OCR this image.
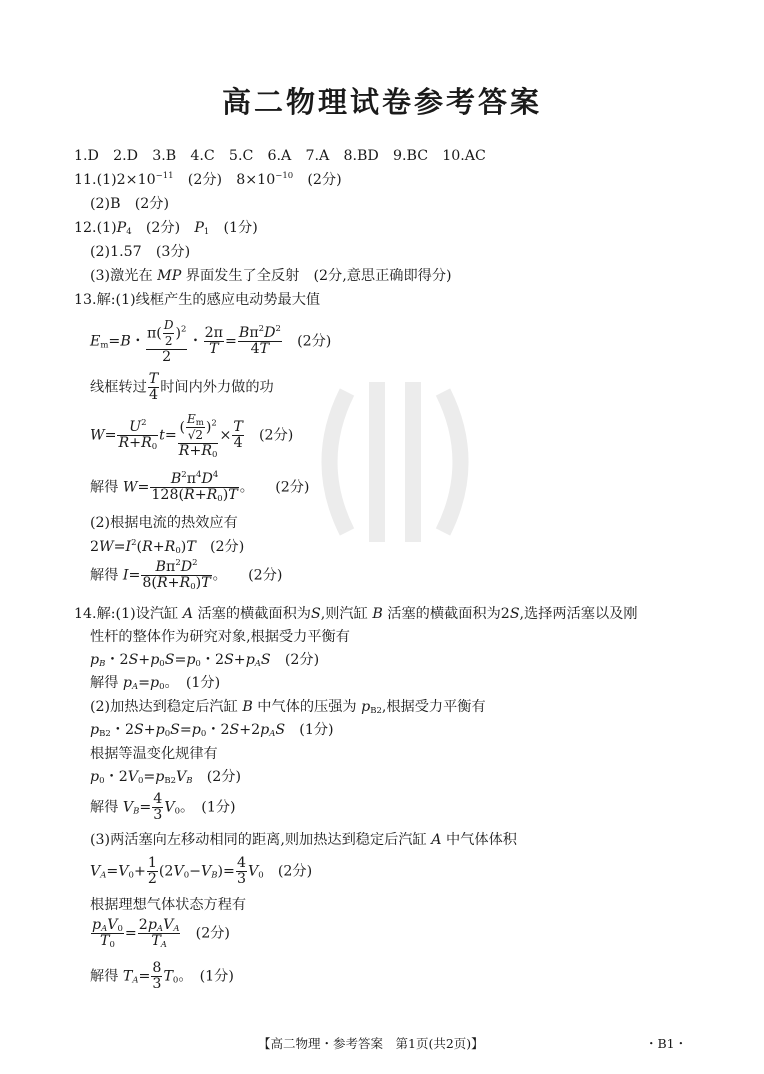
高二物理试卷参考答案
1.D　2.D　3.B　4.C　5.C　6.A　7.A　8.BD　9.BC　10.AC
$11.(1)2\times 10^{-11}$　(2分)　$8\times 10^{-10}$　(2分)
(2)B　(2分)
$12.(1)P_4$　(2分)　$P_1$　(1分)
(2)1.57　(3分)
(3)激光在 MP 界面发生了全反射　(2分,意思正确即得分)
13.解:(1)线框产生的感应电动势最大值
$E_m=B$・ $\frac{\pi( \frac{D}{2} )^2}{2}$ ・ $\frac{2\pi}{T} = \frac{B\pi^2D^2}{4T}$
　 (2分)
线框转过 $\frac{T}{4}$ 时间内外力做的功
$W= \frac{U^2}{R+R_0} t= \frac{( \frac{E_m}{√2} )^2}{R+R_0} \times \frac{T}{4}$
　 (2分)
解得 $W= \frac{B^2\pi^4D^4}{128(R+R_0)T}$ 。　　(2分)
(2)根据电流的热效应有
$2W=I^2(R+R_0)T$　 (2分)
解得 $I= \frac{B\pi^2D^2}{8(R+R_0)T}$ 。　　(2分)
14.解:(1)设汽缸 A 活塞的横截面积为S,则汽缸 B 活塞的横截面积为2S,选择两活塞以及刚
性杆的整体作为研究对象,根据受力平衡有
$p_B$・$2S+p_0S=p_0$・$2S+p_AS$　 (2分)
解得 $p_A=p_0$。　(1分)
(2)加热达到稳定后汽缸 B 中气体的压强为 $p_{B2}$,根据受力平衡有
$p_{B2}$・$2S+p_0S=p_0$・$2S+2p_AS$　 (1分)
根据等温变化规律有
$p_0$・$2V_0=p_{B2}V_B$　 (2分)
解得 $V_B= \frac{4}{3} V_0$。　(1分)
(3)两活塞向左移动相同的距离,则加热达到稳定后汽缸 A 中气体体积
$V_A=V_0+ \frac{1}{2} (2V_0-V_B)= \frac{4}{3} V_0$　 (2分)
根据理想气体状态方程有
$p_AV_0$
$T_0$
=
$2p_AV_A$
$T_A$
　(2分)
解得 $T_A= \frac{8}{3} T_0$。　(1分)
【高二物理・参考答案　第1页(共2页)】	・B1・
